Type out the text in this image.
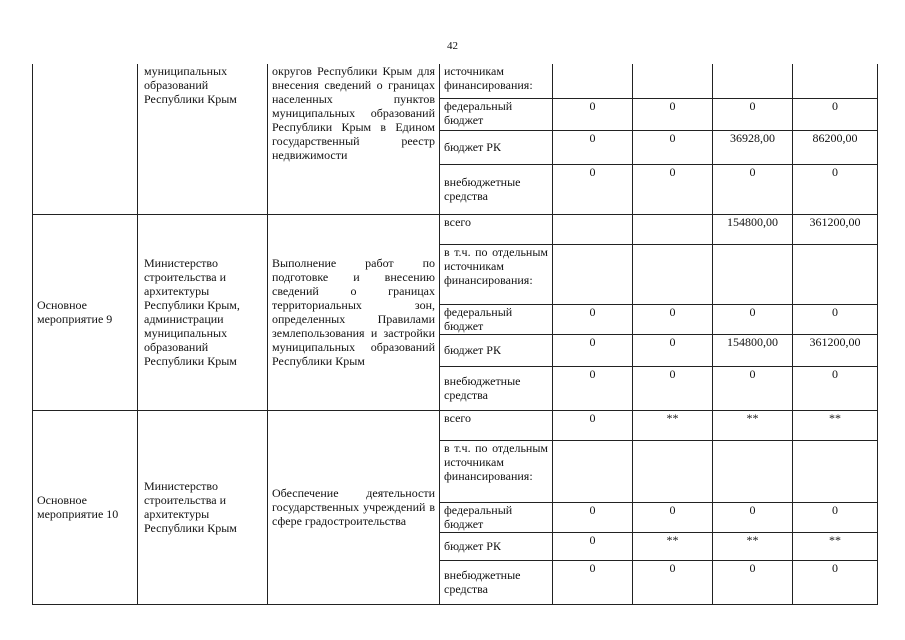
42
	муниципальных образований Республики Крым	округов Республики Крым для внесения сведений о границах населенных пунктов муниципальных образований Республики Крым в Едином государственный реестр недвижимости	источникам финансирования:				
			федеральный бюджет	0	0	0	0
			бюджет РК	0	0	36928,00	86200,00
			внебюджетные средства	0	0	0	0
Основное мероприятие 9	Министерство строительства и архитектуры Республики Крым, администрации муниципальных образований Республики Крым	Выполнение работ по подготовке и внесению сведений о границах территориальных зон, определенных Правилами землепользования и застройки муниципальных образований Республики Крым	всего			154800,00	361200,00

			в т.ч. по отдельным источникам финансирования:				

			федеральный бюджет	0	0	0	0
			бюджет РК	0	0	154800,00	361200,00
			внебюджетные средства	0	0	0	0
Основное мероприятие 10	Министерство строительства и архитектуры Республики Крым	Обеспечение деятельности государственных учреждений в сфере градостроительства	всего	0	**	**	**

			в т.ч. по отдельным источникам финансирования:				

			федеральный бюджет	0	0	0	0
			бюджет РК	0	**	**	**
			внебюджетные средства	0	0	0	0
